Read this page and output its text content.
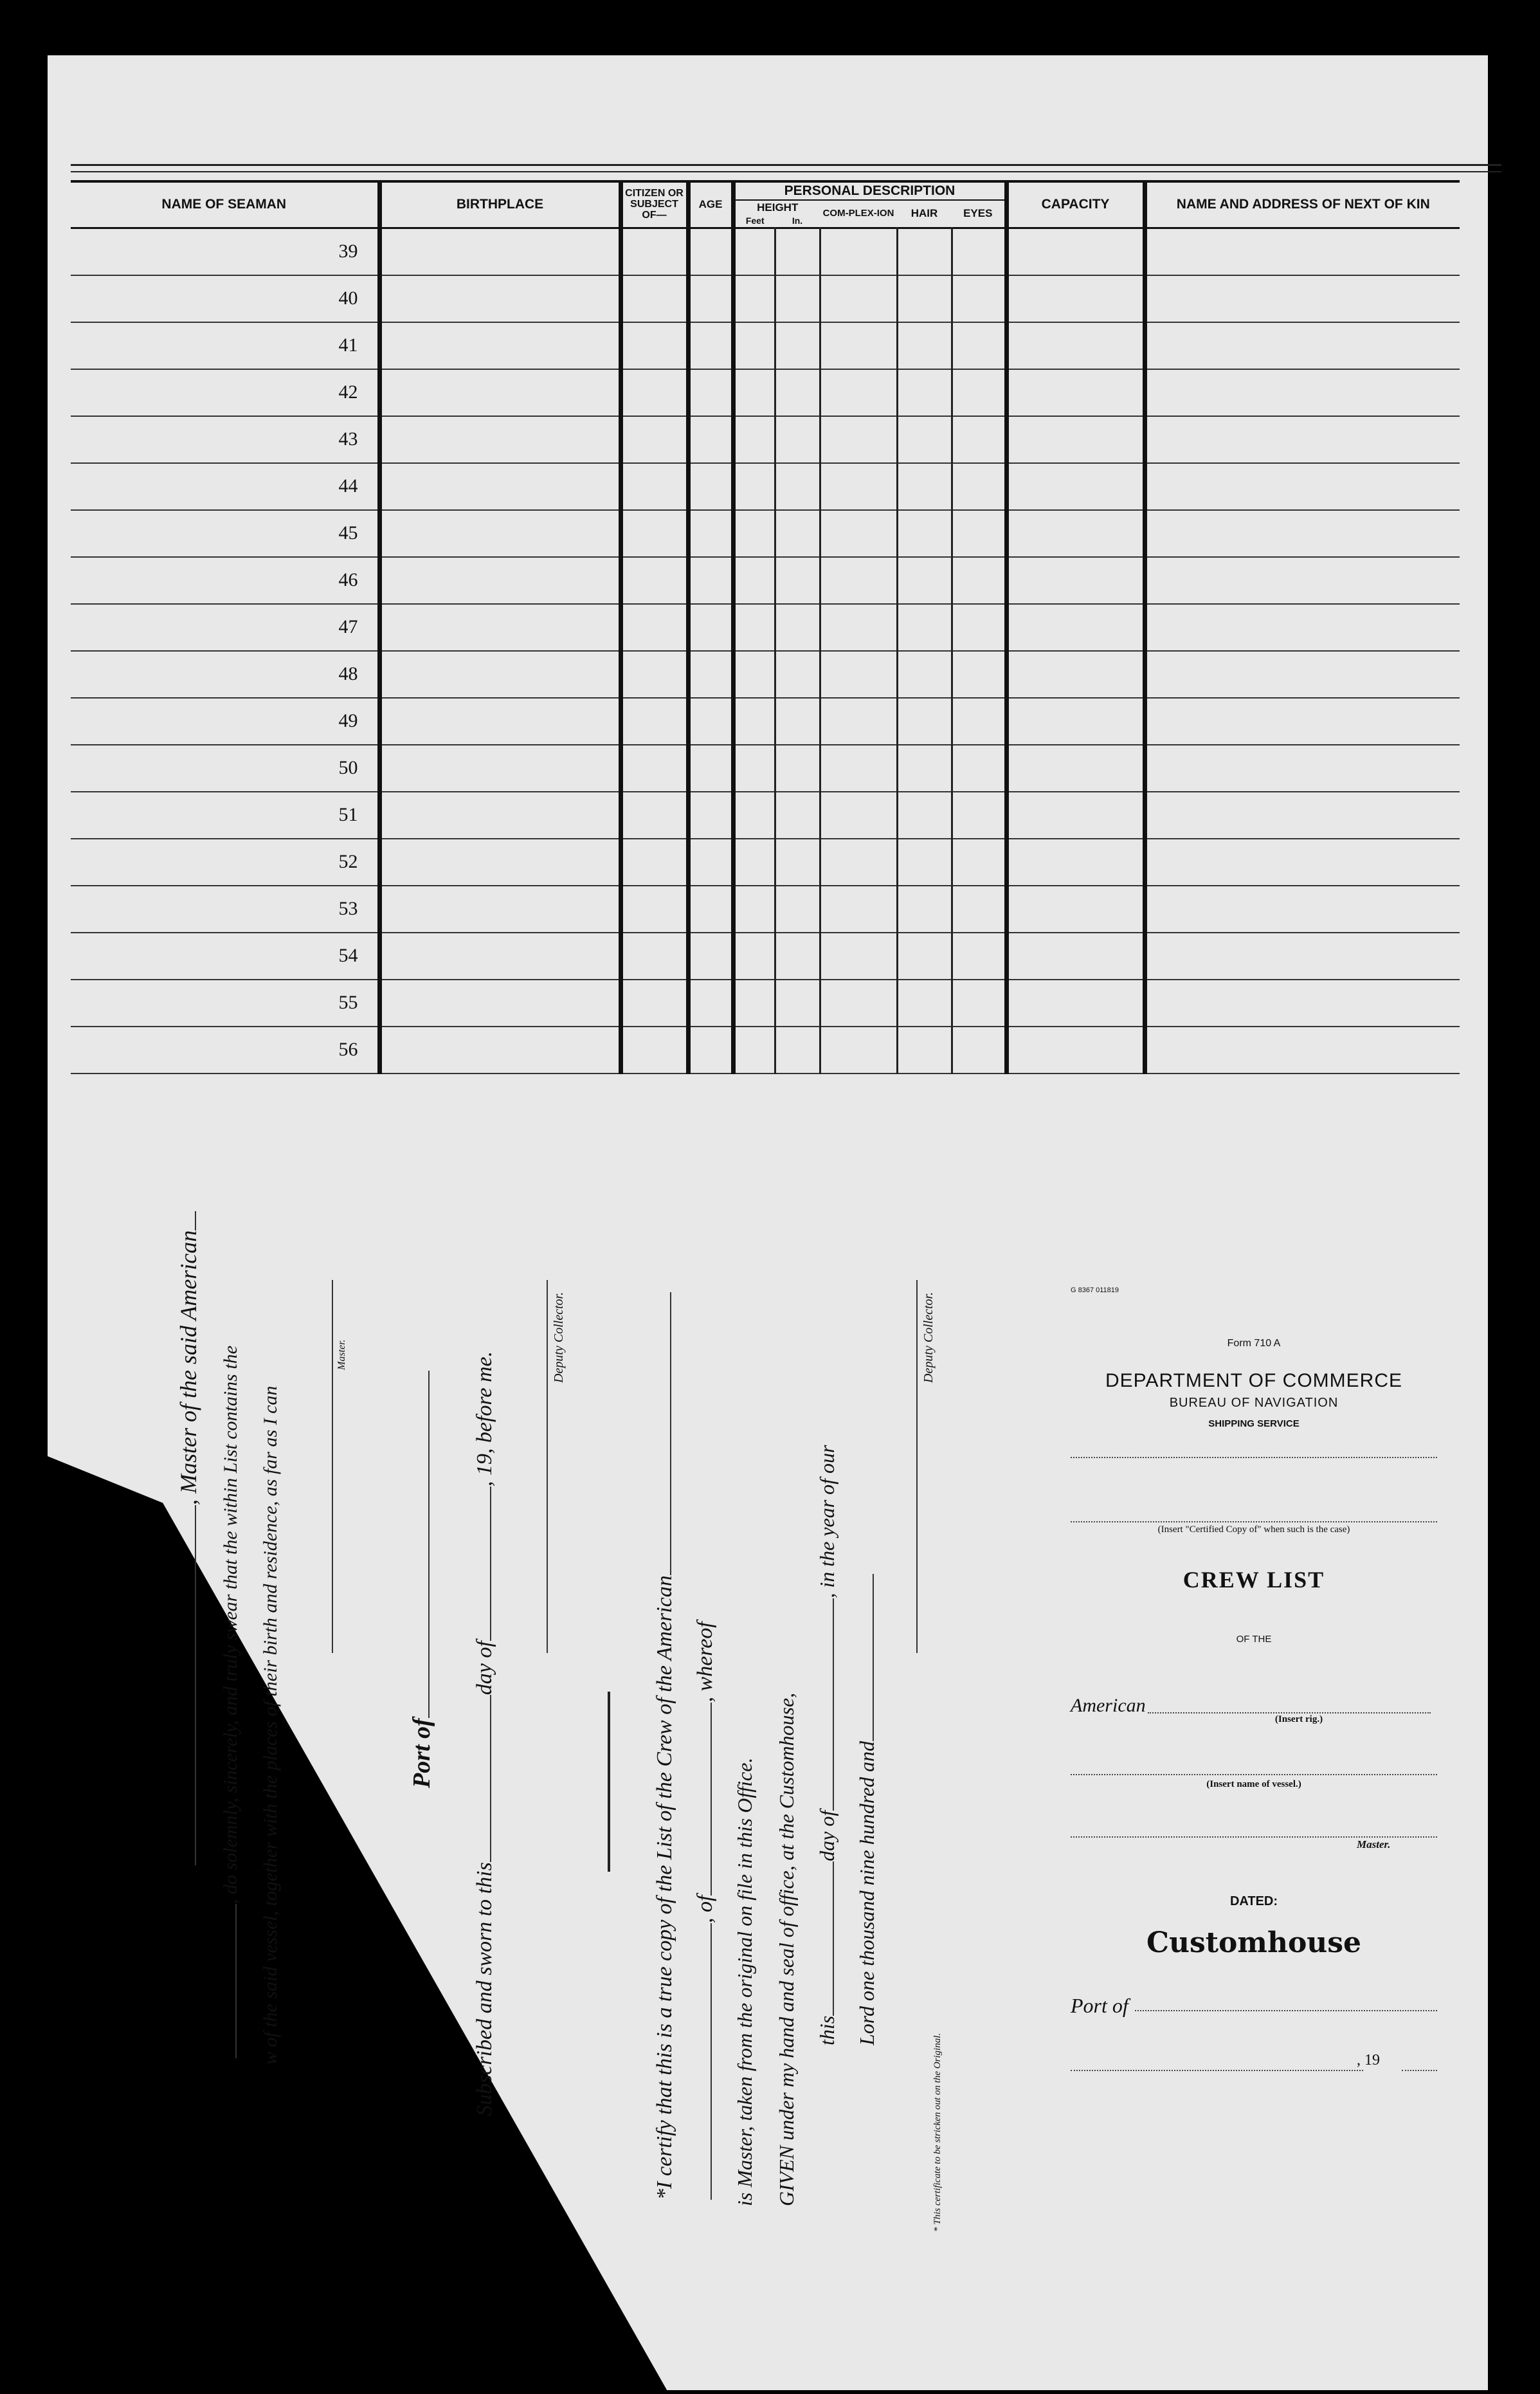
NAME OF SEAMAN	BIRTHPLACE	CITIZEN OR SUBJECT OF—	AGE	PERSONAL DESCRIPTION					CAPACITY	NAME AND ADDRESS OF NEXT OF KIN
				HEIGHT		COM-PLEX-ION	HAIR	EYES		
				Feet	In.					
39										
40										
41										
42										
43										
44										
45										
46										
47										
48										
49										
50										
51										
52										
53										
54										
55										
56										
, Master of the said American , do solemnly, sincerely, and truly swear that the within List contains the w of the said vessel, together with the places of their birth and residence, as far as I can

Master.
Port of
Subscribed and sworn to thisday of, 19, before me.

Deputy Collector.
*I certify that this is a true copy of the List of the Crew of the American , of, whereof
is Master, taken from the original on file in this Office. GIVEN under my hand and seal of office, at the Customhouse, thisday of, in the year of our
Lord one thousand nine hundred and

Deputy Collector.
* This certificate to be stricken out on the Original.
G 8367 011819
Form 710 A
DEPARTMENT OF COMMERCE
BUREAU OF NAVIGATION
SHIPPING SERVICE
(Insert "Certified Copy of" when such is the case)
CREW LIST
OF THE
American
(Insert rig.)
(Insert name of vessel.)
Master.
DATED:
Customhouse
Port of
, 19
